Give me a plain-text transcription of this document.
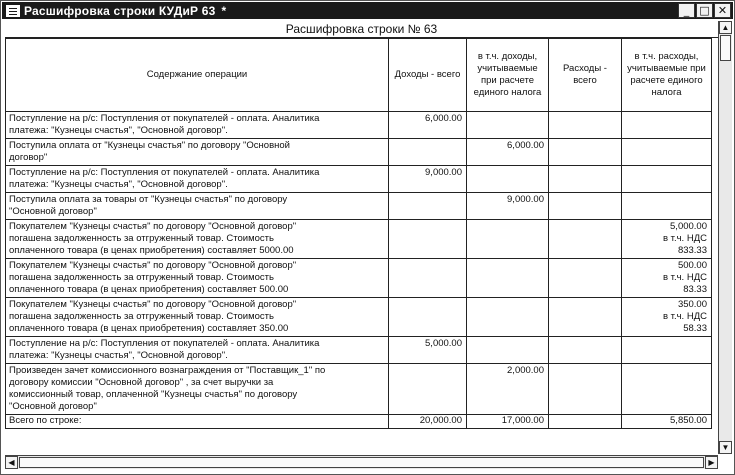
Расшифровка строки КУДиР 63 *	_ □ ✕
Расшифровка строки № 63
Содержание операции	Доходы - всего	в т.ч. доходы, учитываемые при расчете единого налога	Расходы - всего	в т.ч. расходы, учитываемые при расчете единого налога

Поступление на р/с: Поступления от покупателей - оплата. Аналитика
платежа: "Кузнецы счастья", "Основной договор".	6,000.00			

Поступила оплата от "Кузнецы счастья" по договору "Основной
договор"		6,000.00		

Поступление на р/с: Поступления от покупателей - оплата. Аналитика
платежа: "Кузнецы счастья", "Основной договор".	9,000.00			

Поступила оплата за товары от "Кузнецы счастья" по договору
"Основной договор"		9,000.00		

Покупателем "Кузнецы счастья" по договору "Основной договор"
погашена задолженность за отгруженный товар. Стоимость
оплаченного товара (в ценах приобретения) составляет 5000.00				5,000.00
в т.ч. НДС
833.33

Покупателем "Кузнецы счастья" по договору "Основной договор"
погашена задолженность за отгруженный товар. Стоимость
оплаченного товара (в ценах приобретения) составляет 500.00				500.00
в т.ч. НДС
83.33

Покупателем "Кузнецы счастья" по договору "Основной договор"
погашена задолженность за отгруженный товар. Стоимость
оплаченного товара (в ценах приобретения) составляет 350.00				350.00
в т.ч. НДС
58.33

Поступление на р/с: Поступления от покупателей - оплата. Аналитика
платежа: "Кузнецы счастья", "Основной договор".	5,000.00			

Произведен зачет комиссионного вознаграждения от "Поставщик_1" по
договору комиссии "Основной договор" , за счет выручки за
комиссионный товар, оплаченной "Кузнецы счастья" по договору
"Основной договор"		2,000.00		
Всего по строке:	20,000.00	17,000.00		5,850.00
▲
▼
◀	▶
